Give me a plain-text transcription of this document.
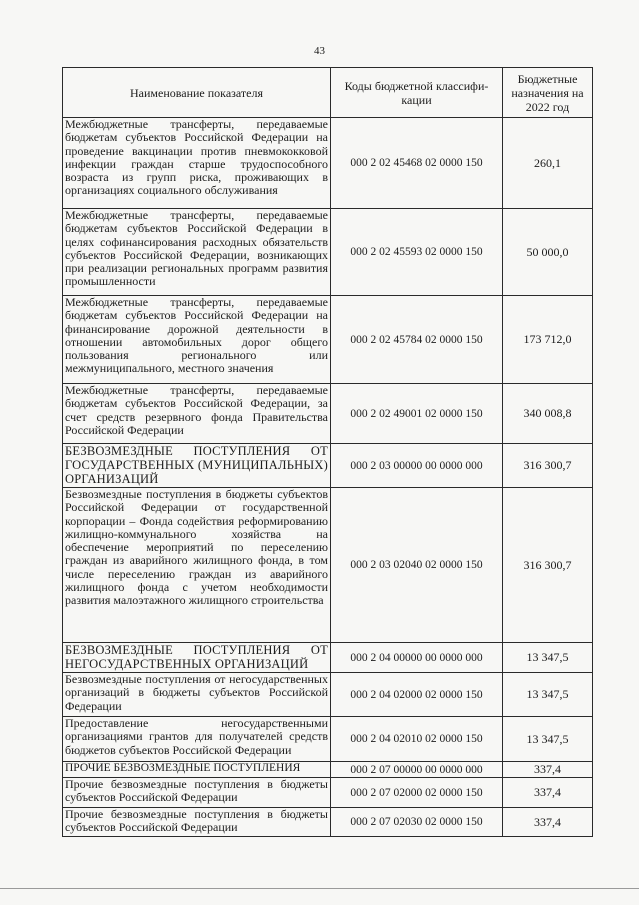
43
Наименование показателя	Коды бюджетной классифи-кации	Бюджетные назначения на 2022 год
Межбюджетные трансферты, передаваемые бюджетам субъектов Российской Федерации на проведение вакцинации против пневмококковой инфекции граждан старше трудоспособного возраста из групп риска, проживающих в организациях социального обслуживания	000 2 02 45468 02 0000 150	260,1
Межбюджетные трансферты, передаваемые бюджетам субъектов Российской Федерации в целях софинансирования расходных обязательств субъектов Российской Федерации, возникающих при реализации региональных программ развития промышленности	000 2 02 45593 02 0000 150	50 000,0
Межбюджетные трансферты, передаваемые бюджетам субъектов Российской Федерации на финансирование дорожной деятельности в отношении автомобильных дорог общего пользования регионального или межмуниципального, местного значения	000 2 02 45784 02 0000 150	173 712,0
Межбюджетные трансферты, передаваемые бюджетам субъектов Российской Федерации, за счет средств резервного фонда Правительства Российской Федерации	000 2 02 49001 02 0000 150	340 008,8
БЕЗВОЗМЕЗДНЫЕ ПОСТУПЛЕНИЯ ОТ ГОСУДАРСТВЕННЫХ (МУНИЦИПАЛЬНЫХ) ОРГАНИЗАЦИЙ	000 2 03 00000 00 0000 000	316 300,7
Безвозмездные поступления в бюджеты субъектов Российской Федерации от государственной корпорации – Фонда содействия реформированию жилищно-коммунального хозяйства на обеспечение мероприятий по переселению граждан из аварийного жилищного фонда, в том числе переселению граждан из аварийного жилищного фонда с учетом необходимости развития малоэтажного жилищного строительства	000 2 03 02040 02 0000 150	316 300,7
БЕЗВОЗМЕЗДНЫЕ ПОСТУПЛЕНИЯ ОТ НЕГОСУДАРСТВЕННЫХ ОРГАНИЗАЦИЙ	000 2 04 00000 00 0000 000	13 347,5
Безвозмездные поступления от негосударственных организаций в бюджеты субъектов Российской Федерации	000 2 04 02000 02 0000 150	13 347,5
Предоставление негосударственными организациями грантов для получателей средств бюджетов субъектов Российской Федерации	000 2 04 02010 02 0000 150	13 347,5
ПРОЧИЕ БЕЗВОЗМЕЗДНЫЕ ПОСТУПЛЕНИЯ	000 2 07 00000 00 0000 000	337,4
Прочие безвозмездные поступления в бюджеты субъектов Российской Федерации	000 2 07 02000 02 0000 150	337,4
Прочие безвозмездные поступления в бюджеты субъектов Российской Федерации	000 2 07 02030 02 0000 150	337,4
